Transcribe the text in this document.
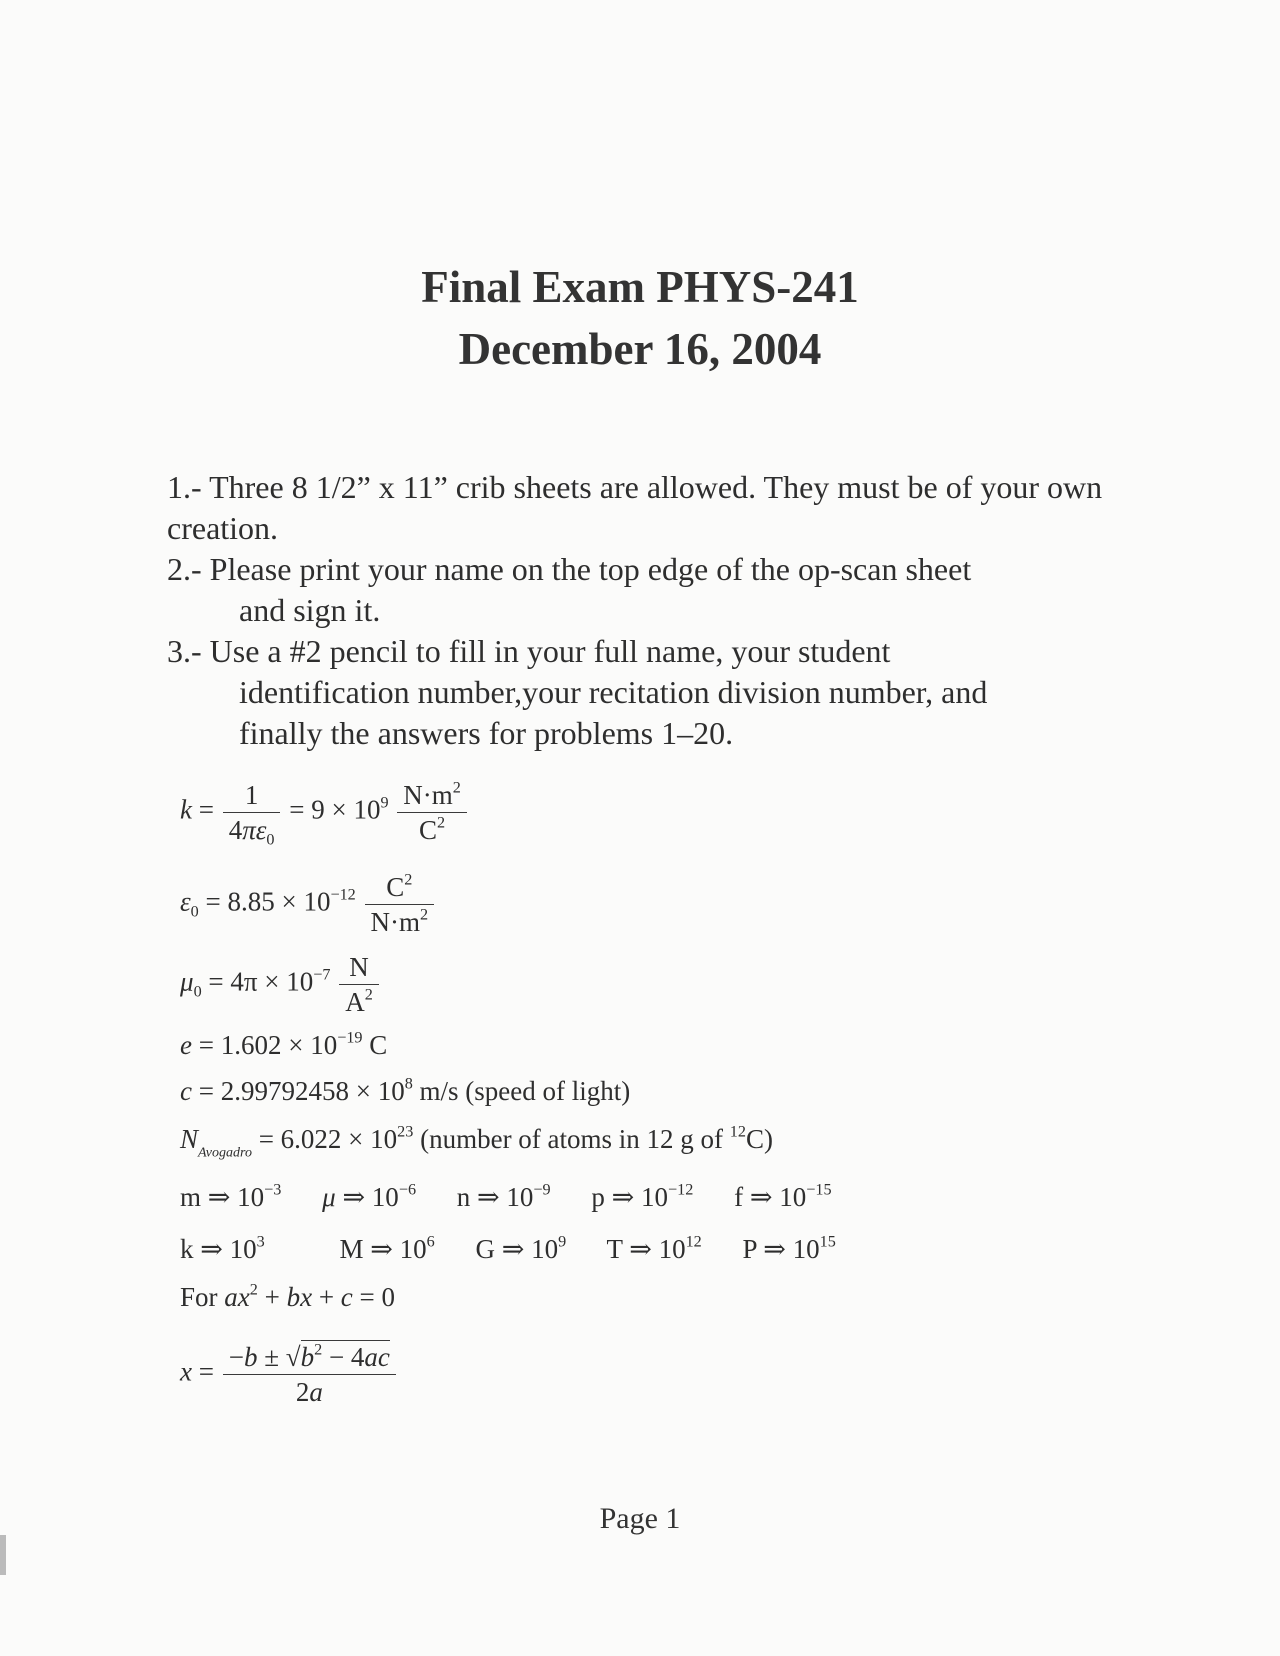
Final Exam PHYS-241
December 16, 2004

1.- Three 8 1/2” x 11” crib sheets are allowed. They must be of your own creation.

2.- Please print your name on the top edge of the op-scan sheet

and sign it.

3.- Use a #2 pencil to fill in your full name, your student

identification number,your recitation division number, and

finally the answers for problems 1–20.

$k = \frac{1}{4\pi\varepsilon_0} = 9 \times 10^9 \frac{N\cdot m^2}{C^2}$
$\varepsilon_0 = 8.85 \times 10^{-12} \frac{C^2}{N\cdot m^2}$
$\mu_0 = 4\pi \times 10^{-7} \frac{N}{A^2}$
$e = 1.602 \times 10^{-19}$ C
$c = 2.99792458 \times 10^8$ m/s (speed of light)
$N_{Avogadro} = 6.022 \times 10^{23}$ (number of atoms in 12 g of $^{12}$C)
m ⇒ $10^{-3}$ μ ⇒ $10^{-6}$ n ⇒ $10^{-9}$ p ⇒ $10^{-12}$ f ⇒ $10^{-15}$
k ⇒ $10^3$	M ⇒ $10^6$ G ⇒ $10^9$ T ⇒ $10^{12}$ P ⇒ $10^{15}$
For $ax^2$ + bx + c = 0
$x = \frac{-b \pm √b^2 - 4ac}{2a}$
Page 1
